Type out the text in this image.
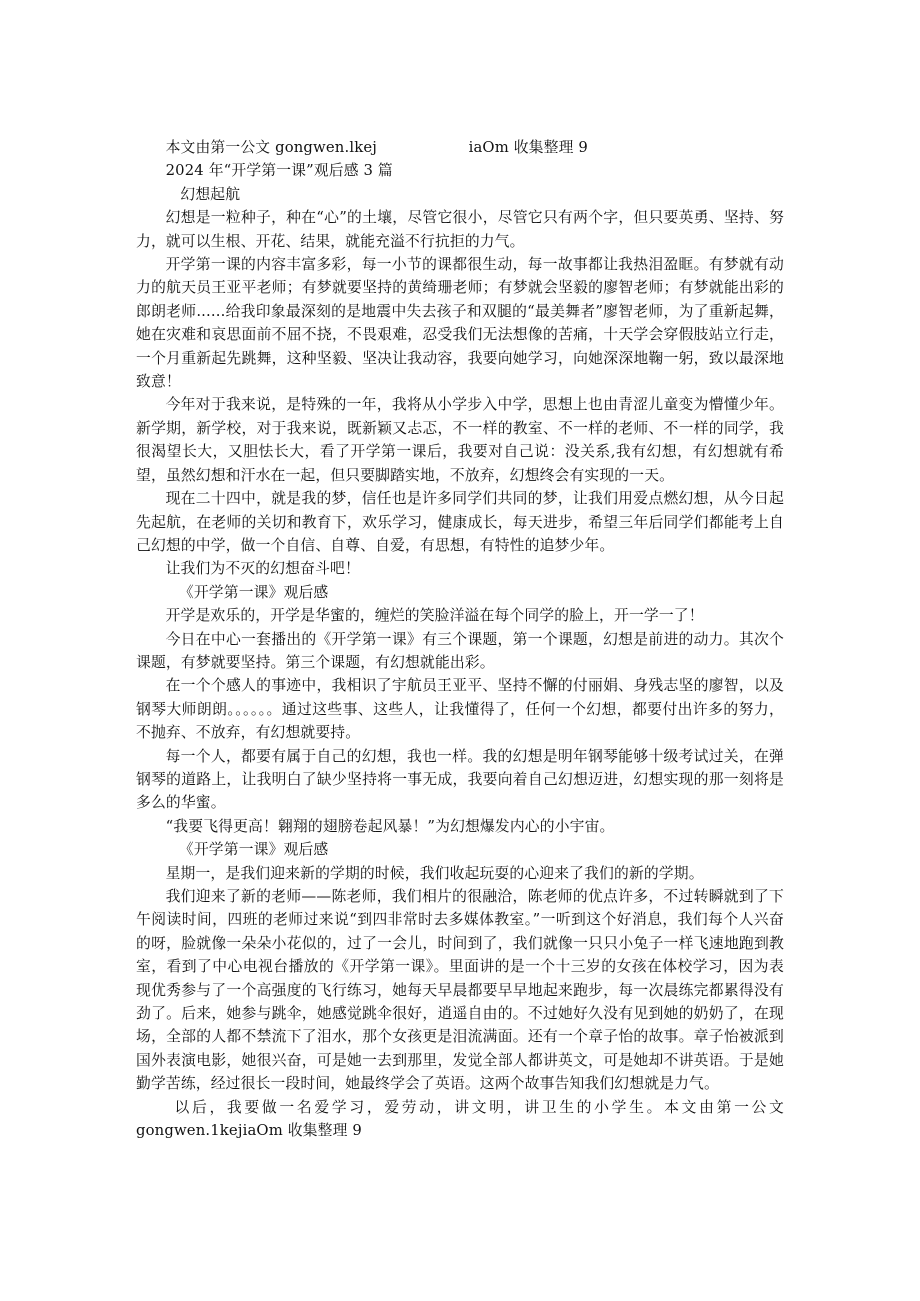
本文由第一公文 gongwen.lkej	iaOm 收集整理 9

2024 年“开学第一课”观后感 3 篇

幻想起航

幻想是一粒种子，种在“心”的土壤，尽管它很小，尽管它只有两个字，但只要英勇、坚持、努力，就可以生根、开花、结果，就能充溢不行抗拒的力气。

开学第一课的内容丰富多彩，每一小节的课都很生动，每一故事都让我热泪盈眶。有梦就有动力的航天员王亚平老师；有梦就要坚持的黄绮珊老师；有梦就会坚毅的廖智老师；有梦就能出彩的郎朗老师......给我印象最深刻的是地震中失去孩子和双腿的“最美舞者”廖智老师，为了重新起舞，她在灾难和哀思面前不屈不挠，不畏艰难，忍受我们无法想像的苦痛，十天学会穿假肢站立行走，一个月重新起先跳舞，这种坚毅、坚决让我动容，我要向她学习，向她深深地鞠一躬，致以最深地致意！

今年对于我来说，是特殊的一年，我将从小学步入中学，思想上也由青涩儿童变为懵懂少年。新学期，新学校，对于我来说，既新颖又忐忑，不一样的教室、不一样的老师、不一样的同学，我很渴望长大，又胆怯长大，看了开学第一课后，我要对自己说：没关系,我有幻想，有幻想就有希望，虽然幻想和汗水在一起，但只要脚踏实地，不放弃，幻想终会有实现的一天。

现在二十四中，就是我的梦，信任也是许多同学们共同的梦，让我们用爱点燃幻想，从今日起先起航，在老师的关切和教育下，欢乐学习，健康成长，每天进步，希望三年后同学们都能考上自己幻想的中学，做一个自信、自尊、自爱，有思想，有特性的追梦少年。

让我们为不灭的幻想奋斗吧！

《开学第一课》观后感

开学是欢乐的，开学是华蜜的，缠烂的笑脸洋溢在每个同学的脸上，开一学一了！

今日在中心一套播出的《开学第一课》有三个课题，第一个课题，幻想是前进的动力。其次个课题，有梦就要坚持。第三个课题，有幻想就能出彩。

在一个个感人的事迹中，我相识了宇航员王亚平、坚持不懈的付丽娟、身残志坚的廖智，以及钢琴大师朗朗。。。。。。通过这些事、这些人，让我懂得了，任何一个幻想，都要付出许多的努力，不抛弃、不放弃，有幻想就要持。

每一个人，都要有属于自己的幻想，我也一样。我的幻想是明年钢琴能够十级考试过关，在弹钢琴的道路上，让我明白了缺少坚持将一事无成，我要向着自己幻想迈进，幻想实现的那一刻将是多么的华蜜。

“我要飞得更高！翱翔的翅膀卷起风暴！”为幻想爆发内心的小宇宙。

《开学第一课》观后感

星期一，是我们迎来新的学期的时候，我们收起玩耍的心迎来了我们的新的学期。

我们迎来了新的老师——陈老师，我们相片的很融洽，陈老师的优点许多，不过转瞬就到了下午阅读时间，四班的老师过来说“到四非常时去多媒体教室。”一听到这个好消息，我们每个人兴奋的呀，脸就像一朵朵小花似的，过了一会儿，时间到了，我们就像一只只小兔子一样飞速地跑到教室，看到了中心电视台播放的《开学第一课》。里面讲的是一个十三岁的女孩在体校学习，因为表现优秀参与了一个高强度的飞行练习，她每天早晨都要早早地起来跑步，每一次晨练完都累得没有劲了。后来，她参与跳伞，她感觉跳伞很好，逍遥自由的。不过她好久没有见到她的奶奶了，在现场，全部的人都不禁流下了泪水，那个女孩更是泪流满面。还有一个章子怡的故事。章子怡被派到国外表演电影，她很兴奋，可是她一去到那里，发觉全部人都讲英文，可是她却不讲英语。于是她勤学苦练，经过很长一段时间，她最终学会了英语。这两个故事告知我们幻想就是力气。

以后，我要做一名爱学习，爱劳动，讲文明，讲卫生的小学生。本文由第一公文 gongwen.1kejiaOm 收集整理 9
